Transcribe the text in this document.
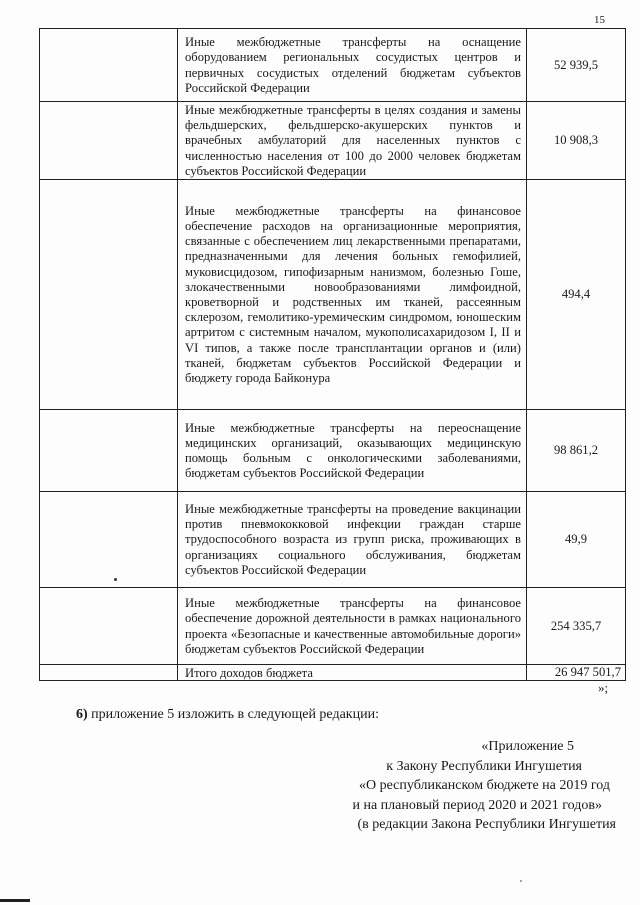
15
	Иные межбюджетные трансферты на оснащение оборудованием региональных сосудистых центров и первичных сосудистых отделений бюджетам субъектов Российской Федерации	52 939,5
	Иные межбюджетные трансферты в целях создания и замены фельдшерских, фельдшерско-акушерских пунктов и врачебных амбулаторий для населенных пунктов с численностью населения от 100 до 2000 человек бюджетам субъектов Российской Федерации	10 908,3
	Иные межбюджетные трансферты на финансовое обеспечение расходов на организационные мероприятия, связанные с обеспечением лиц лекарственными препаратами, предназначенными для лечения больных гемофилией, муковисцидозом, гипофизарным нанизмом, болезнью Гоше, злокачественными новообразованиями лимфоидной, кроветворной и родственных им тканей, рассеянным склерозом, гемолитико-уремическим синдромом, юношеским артритом с системным началом, мукополисахаридозом I, II и VI типов, а также после трансплантации органов и (или) тканей, бюджетам субъектов Российской Федерации и бюджету города Байконура	494,4
	Иные межбюджетные трансферты на переоснащение медицинских организаций, оказывающих медицинскую помощь больным с онкологическими заболеваниями, бюджетам субъектов Российской Федерации	98 861,2
	Иные межбюджетные трансферты на проведение вакцинации против пневмококковой инфекции граждан старше трудоспособного возраста из групп риска, проживающих в организациях социального обслуживания, бюджетам субъектов Российской Федерации	49,9
	Иные межбюджетные трансферты на финансовое обеспечение дорожной деятельности в рамках национального проекта «Безопасные и качественные автомобильные дороги» бюджетам субъектов Российской Федерации	254 335,7
	Итого доходов бюджета	26 947 501,7
»;
6) приложение 5 изложить в следующей редакции:
«Приложение 5
к Закону Республики Ингушетия
«О республиканском бюджете на 2019 год
и на плановый период 2020 и 2021 годов»
(в редакции Закона Республики Ингушетия
